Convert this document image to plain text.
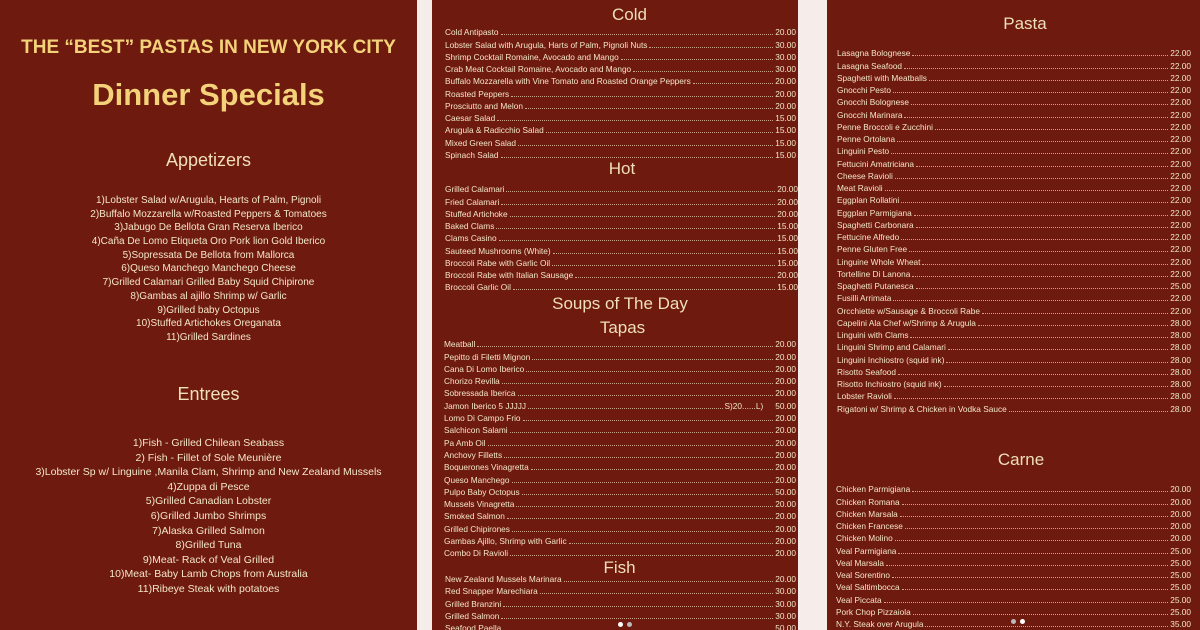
THE “BEST” PASTAS IN NEW YORK CITY
Dinner Specials
Appetizers
1)Lobster Salad w/Arugula, Hearts of Palm, Pignoli
2)Buffalo Mozzarella w/Roasted Peppers & Tomatoes
3)Jabugo De Bellota Gran Reserva Iberico
4)Caña De Lomo Etiqueta Oro Pork lion Gold Iberico
5)Sopressata De Bellota from Mallorca
6)Queso Manchego Manchego Cheese
7)Grilled Calamari Grilled Baby Squid Chipirone
8)Gambas al ajillo Shrimp w/ Garlic
9)Grilled baby Octopus
10)Stuffed Artichokes Oreganata
11)Grilled Sardines
Entrees
1)Fish - Grilled Chilean Seabass
2) Fish - Fillet of Sole Meunière
3)Lobster Sp w/ Linguine ,Manila Clam, Shrimp and New Zealand Mussels
4)Zuppa di Pesce
5)Grilled Canadian Lobster
6)Grilled Jumbo Shrimps
7)Alaska Grilled Salmon
8)Grilled Tuna
9)Meat- Rack of Veal Grilled
10)Meat- Baby Lamb Chops from Australia
11)Ribeye Steak with potatoes
Cold
Cold Antipasto	20.00
Lobster Salad with Arugula, Harts of Palm, Pignoli Nuts	30.00
Shrimp Cocktail Romaine, Avocado and Mango	30.00
Crab Meat Cocktail Romaine, Avocado and Mango	30.00
Buffalo Mozzarella with Vine Tomato and Roasted Orange Peppers	20.00
Roasted Peppers	20.00
Prosciutto and Melon	20.00
Caesar Salad	15.00
Arugula & Radicchio Salad	15.00
Mixed Green Salad	15.00
Spinach Salad	15.00
Hot
Grilled Calamari	20.00
Fried Calamari	20.00
Stuffed Artichoke	20.00
Baked Clams	15.00
Clams Casino	15.00
Sauteed Mushrooms (White)	15.00
Broccoli Rabe with Garlic Oil	15.00
Broccoli Rabe with Italian Sausage	20.00
Broccoli Garlic Oil	15.00
Soups of The Day
Tapas
Meatball	20.00
Pepitto di Filetti Mignon	20.00
Cana Di Lomo Iberico	20.00
Chorizo Revilla	20.00
Sobressada Iberica	20.00
Jamon Iberico 5 JJJJJ	S)20......L) 50.00
Lomo Di Campo Frio	20.00
Salchicon Salami	20.00
Pa Amb Oil	20.00
Anchovy Filletts	20.00
Boquerones Vinagretta	20.00
Queso Manchego	20.00
Pulpo Baby Octopus	50.00
Mussels Vinagretta	20.00
Smoked Salmon	20.00
Grilled Chipirones	20.00
Gambas Ajillo, Shrimp with Garlic	20.00
Combo Di Ravioli	20.00
Fish
New Zealand Mussels Marinara	20.00
Red Snapper Marechiara	30.00
Grilled Branzini	30.00
Grilled Salmon	30.00
Seafood Paella	50.00
Pasta
Lasagna Bolognese	22.00
Lasagna Seafood	22.00
Spaghetti with Meatballs	22.00
Gnocchi Pesto	22.00
Gnocchi Bolognese	22.00
Gnocchi Marinara	22.00
Penne Broccoli e Zucchini	22.00
Penne Ortolana	22.00
Linguini Pesto	22.00
Fettucini Amatriciana	22.00
Cheese Ravioli	22.00
Meat Ravioli	22.00
Eggplan Rollatini	22.00
Eggplan Parmigiana	22.00
Spaghetti Carbonara	22.00
Fettucine Alfredo	22.00
Penne Gluten Free	22.00
Linguine Whole Wheat	22.00
Tortelline Di Lanona	22.00
Spaghetti Putanesca	25.00
Fusilli Arrimata	22.00
Orcchiette w/Sausage & Broccoli Rabe	22.00
Capelini Ala Chef w/Shrimp & Arugula	28.00
Linguini with Clams	28.00
Linguini Shrimp and Calamari	28.00
Linguini Inchiostro (squid ink)	28.00
Risotto Seafood	28.00
Risotto Inchiostro (squid ink)	28.00
Lobster Ravioli	28.00
Rigatoni w/ Shrimp & Chicken in Vodka Sauce	28.00
Carne
Chicken Parmigiana	20.00
Chicken Romana	20.00
Chicken Marsala	20.00
Chicken Francese	20.00
Chicken Molino	20.00
Veal Parmigiana	25.00
Veal Marsala	25.00
Veal Sorentino	25.00
Veal Saltimbocca	25.00
Veal Piccata	25.00
Pork Chop Pizzaiola	25.00
N.Y. Steak over Arugula	35.00
